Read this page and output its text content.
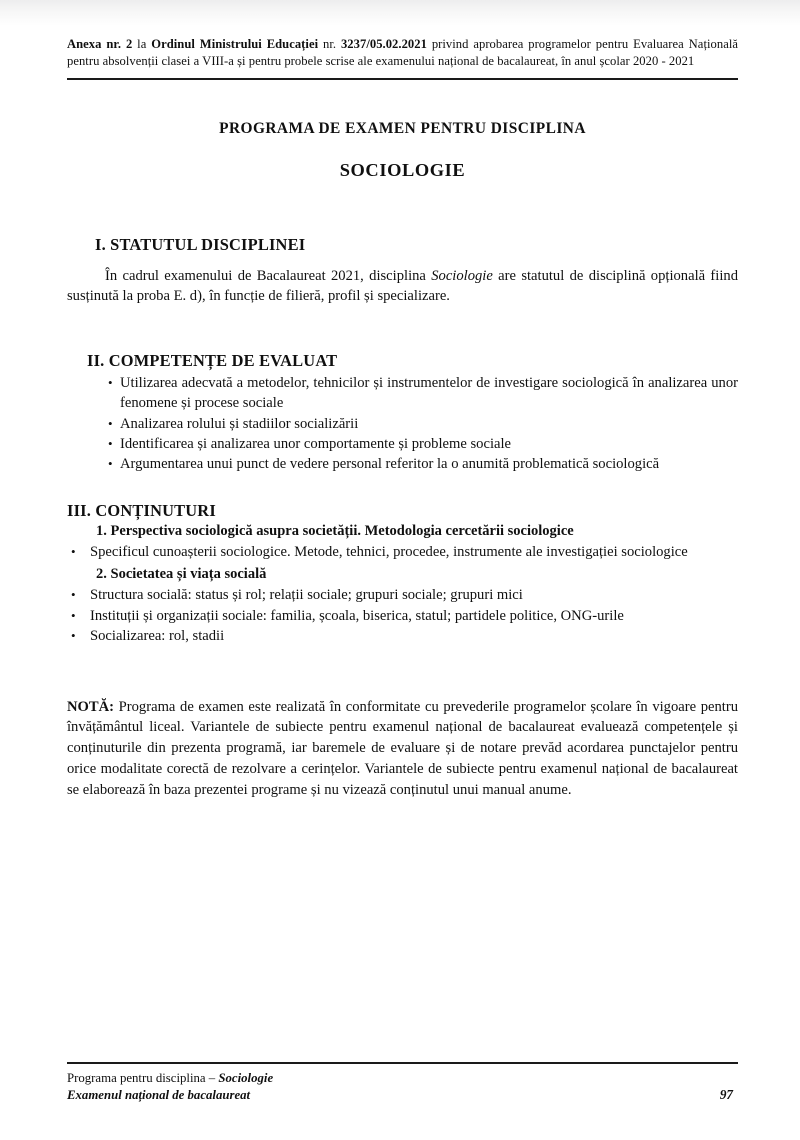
Anexa nr. 2 la Ordinul Ministrului Educației nr. 3237/05.02.2021 privind aprobarea programelor pentru Evaluarea Națională pentru absolvenții clasei a VIII-a și pentru probele scrise ale examenului național de bacalaureat, în anul școlar 2020 - 2021
PROGRAMA DE EXAMEN PENTRU DISCIPLINA
SOCIOLOGIE
I. STATUTUL DISCIPLINEI
În cadrul examenului de Bacalaureat 2021, disciplina Sociologie are statutul de disciplină opțională fiind susținută la proba E. d), în funcție de filieră, profil și specializare.
II. COMPETENȚE DE EVALUAT
• Utilizarea adecvată a metodelor, tehnicilor și instrumentelor de investigare sociologică în analizarea unor fenomene și procese sociale
• Analizarea rolului și stadiilor socializării
• Identificarea și analizarea unor comportamente și probleme sociale
• Argumentarea unui punct de vedere personal referitor la o anumită problematică sociologică
III. CONȚINUTURI
1. Perspectiva sociologică asupra societății. Metodologia cercetării sociologice
• Specificul cunoașterii sociologice. Metode, tehnici, procedee, instrumente ale investigației sociologice
2. Societatea și viața socială
• Structura socială: status și rol; relații sociale; grupuri sociale; grupuri mici
• Instituții și organizații sociale: familia, școala, biserica, statul; partidele politice, ONG-urile
• Socializarea: rol, stadii
NOTĂ: Programa de examen este realizată în conformitate cu prevederile programelor școlare în vigoare pentru învățământul liceal. Variantele de subiecte pentru examenul național de bacalaureat evaluează competențele și conținuturile din prezenta programă, iar baremele de evaluare și de notare prevăd acordarea punctajelor pentru orice modalitate corectă de rezolvare a cerințelor. Variantele de subiecte pentru examenul național de bacalaureat se elaborează în baza prezentei programe și nu vizează conținutul unui manual anume.
Programa pentru disciplina – Sociologie
Examenul național de bacalaureat	97
